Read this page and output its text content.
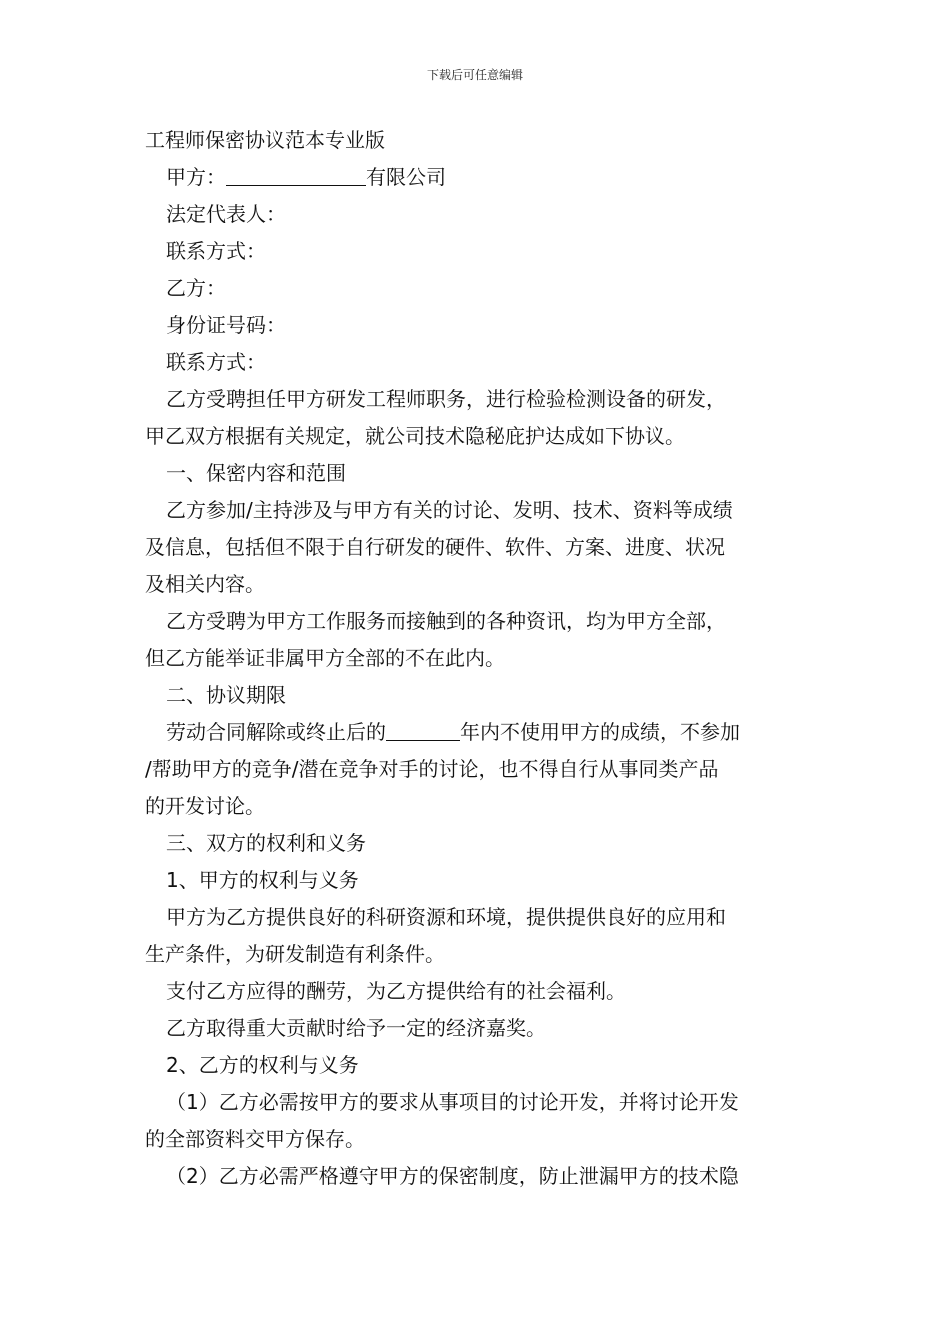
下载后可任意编辑
工程师保密协议范本专业版
甲方：	有限公司
法定代表人：
联系方式：
乙方：
身份证号码：
联系方式：
乙方受聘担任甲方研发工程师职务，进行检验检测设备的研发，
甲乙双方根据有关规定，就公司技术隐秘庇护达成如下协议。
一、保密内容和范围
乙方参加/主持涉及与甲方有关的讨论、发明、技术、资料等成绩
及信息，包括但不限于自行研发的硬件、软件、方案、进度、状况
及相关内容。
乙方受聘为甲方工作服务而接触到的各种资讯，均为甲方全部，
但乙方能举证非属甲方全部的不在此内。
二、协议期限
劳动合同解除或终止后的	年内不使用甲方的成绩，不参加
/帮助甲方的竞争/潜在竞争对手的讨论，也不得自行从事同类产品
的开发讨论。
三、双方的权利和义务
1、甲方的权利与义务
甲方为乙方提供良好的科研资源和环境，提供提供良好的应用和
生产条件，为研发制造有利条件。
支付乙方应得的酬劳，为乙方提供给有的社会福利。
乙方取得重大贡献时给予一定的经济嘉奖。
2、乙方的权利与义务
（1）乙方必需按甲方的要求从事项目的讨论开发，并将讨论开发
的全部资料交甲方保存。
（2）乙方必需严格遵守甲方的保密制度，防止泄漏甲方的技术隐
